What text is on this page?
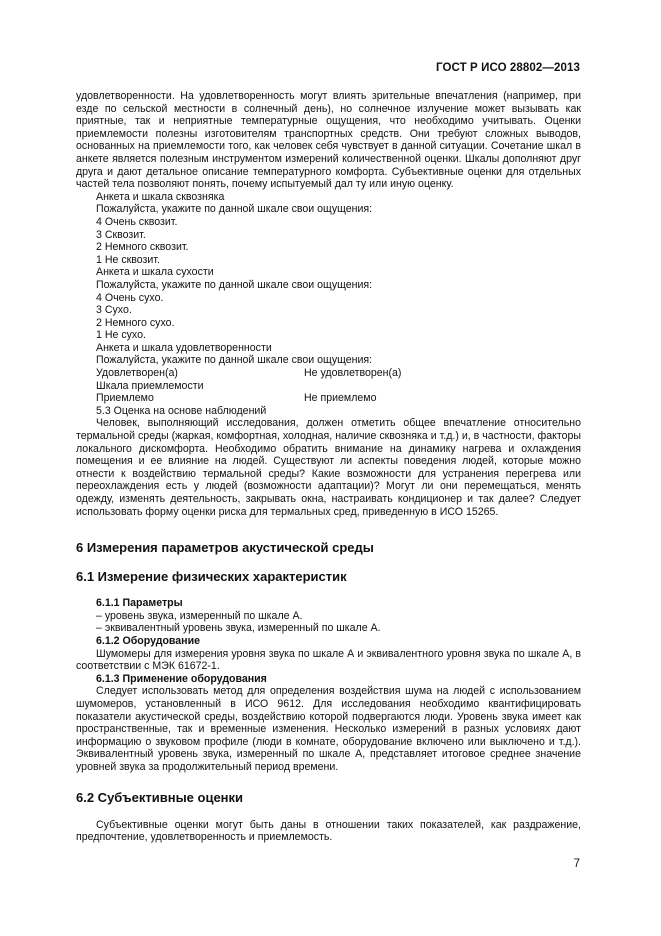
ГОСТ Р ИСО 28802—2013

удовлетворенности. На удовлетворенность могут влиять зрительные впечатления (например, при езде по сельской местности в солнечный день), но солнечное излучение может вызывать как приятные, так и неприятные температурные ощущения, что необходимо учитывать. Оценки приемлемости полезны изготовителям транспортных средств. Они требуют сложных выводов, основанных на приемлемости того, как человек себя чувствует в данной ситуации. Сочетание шкал в анкете является полезным инструментом измерений количественной оценки. Шкалы дополняют друг друга и дают детальное описание температурного комфорта. Субъективные оценки для отдельных частей тела позволяют понять, почему испытуемый дал ту или иную оценку.

Анкета и шкала сквозняка
Пожалуйста, укажите по данной шкале свои ощущения:
4 Очень сквозит.
3 Сквозит.
2 Немного сквозит.
1 Не сквозит.
Анкета и шкала сухости
Пожалуйста, укажите по данной шкале свои ощущения:
4 Очень сухо.
3 Сухо.
2 Немного сухо.
1 Не сухо.
Анкета и шкала удовлетворенности
Пожалуйста, укажите по данной шкале свои ощущения:
Удовлетворен(а)	Не удовлетворен(а)
Шкала приемлемости
Приемлемо	Не приемлемо
5.3 Оценка на основе наблюдений

Человек, выполняющий исследования, должен отметить общее впечатление относительно термальной среды (жаркая, комфортная, холодная, наличие сквозняка и т.д.) и, в частности, факторы локального дискомфорта. Необходимо обратить внимание на динамику нагрева и охлаждения помещения и ее влияние на людей. Существуют ли аспекты поведения людей, которые можно отнести к воздействию термальной среды? Какие возможности для устранения перегрева или переохлаждения есть у людей (возможности адаптации)? Могут ли они перемещаться, менять одежду, изменять деятельность, закрывать окна, настраивать кондиционер и так далее? Следует использовать форму оценки риска для термальных сред, приведенную в ИСО 15265.

6 Измерения параметров акустической среды
6.1 Измерение физических характеристик
6.1.1 Параметры
– уровень звука, измеренный по шкале А.
– эквивалентный уровень звука, измеренный по шкале А.
6.1.2 Оборудование

Шумомеры для измерения уровня звука по шкале А и эквивалентного уровня звука по шкале А, в соответствии с МЭК 61672-1.

6.1.3 Применение оборудования

Следует использовать метод для определения воздействия шума на людей с использованием шумомеров, установленный в ИСО 9612. Для исследования необходимо квантифицировать показатели акустической среды, воздействию которой подвергаются люди. Уровень звука имеет как пространственные, так и временные изменения. Несколько измерений в разных условиях дают информацию о звуковом профиле (люди в комнате, оборудование включено или выключено и т.д.). Эквивалентный уровень звука, измеренный по шкале А, представляет итоговое среднее значение уровней звука за продолжительный период времени.

6.2 Субъективные оценки

Субъективные оценки могут быть даны в отношении таких показателей, как раздражение, предпочтение, удовлетворенность и приемлемость.

7
